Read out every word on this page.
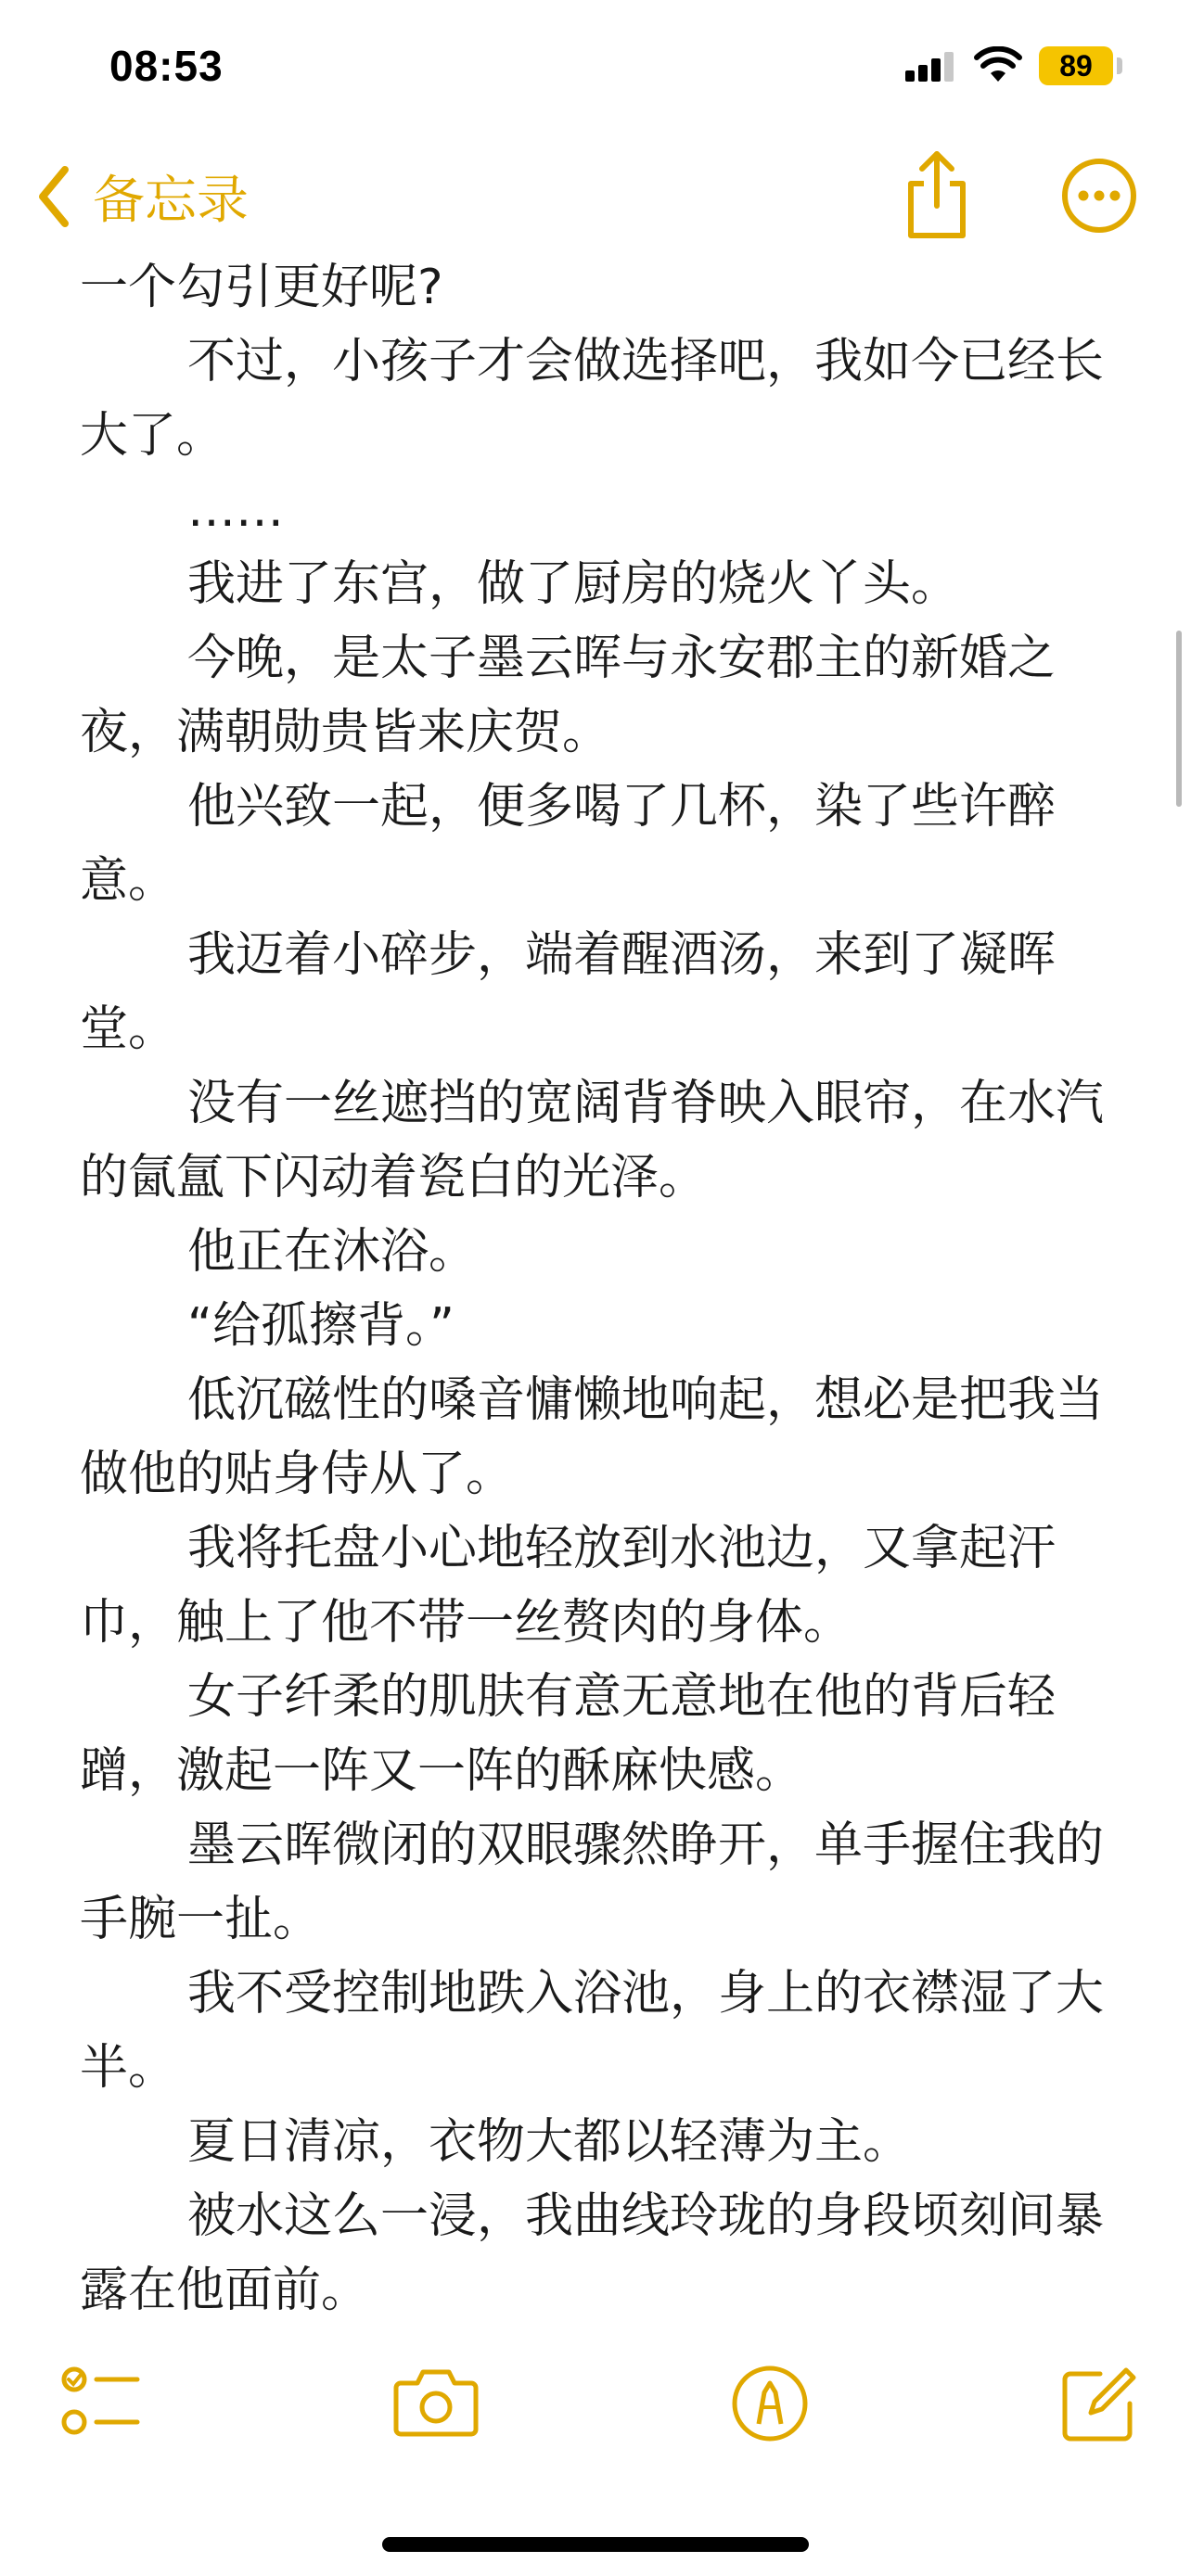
08:53	89
备忘录

一个勾引更好呢?

不过，小孩子才会做选择吧，我如今已经长大了。

……

我进了东宫，做了厨房的烧火丫头。

今晚，是太子墨云晖与永安郡主的新婚之夜，满朝勋贵皆来庆贺。

他兴致一起，便多喝了几杯，染了些许醉意。

我迈着小碎步，端着醒酒汤，来到了凝晖堂。

没有一丝遮挡的宽阔背脊映入眼帘，在水汽的氤氲下闪动着瓷白的光泽。

他正在沐浴。

“给孤擦背。”

低沉磁性的嗓音慵懒地响起，想必是把我当做他的贴身侍从了。

我将托盘小心地轻放到水池边，又拿起汗巾，触上了他不带一丝赘肉的身体。

女子纤柔的肌肤有意无意地在他的背后轻蹭，激起一阵又一阵的酥麻快感。

墨云晖微闭的双眼骤然睁开，单手握住我的手腕一扯。

我不受控制地跌入浴池，身上的衣襟湿了大半。

夏日清凉，衣物大都以轻薄为主。

被水这么一浸，我曲线玲珑的身段顷刻间暴露在他面前。
